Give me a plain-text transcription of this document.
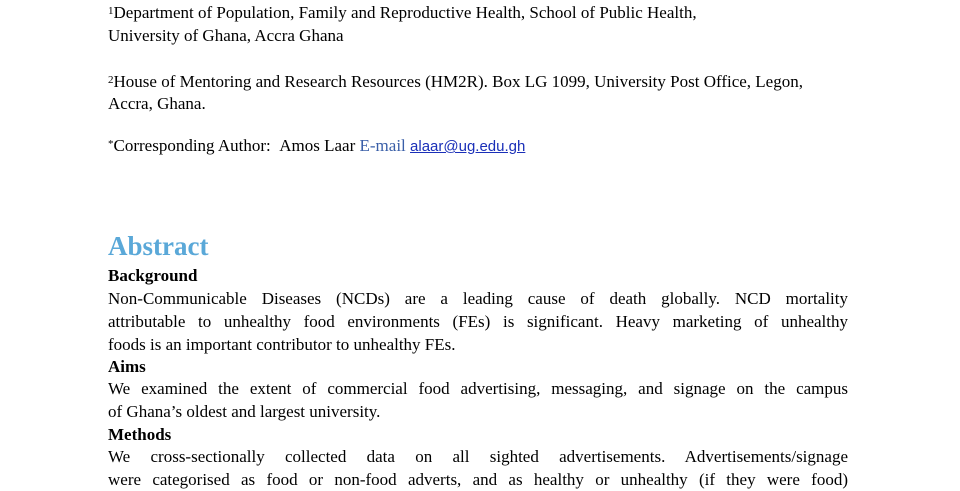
$^1$Department of Population, Family and Reproductive Health, School of Public Health,
University of Ghana, Accra Ghana
$^2$House of Mentoring and Research Resources (HM2R). Box LG 1099, University Post Office, Legon,
Accra, Ghana.
*Corresponding Author: Amos Laar E-mail alaar@ug.edu.gh
Abstract
Background
Non-Communicable Diseases (NCDs) are a leading cause of death globally. NCD mortality
attributable to unhealthy food environments (FEs) is significant. Heavy marketing of unhealthy
foods is an important contributor to unhealthy FEs.
Aims
We examined the extent of commercial food advertising, messaging, and signage on the campus
of Ghana’s oldest and largest university.
Methods
We cross-sectionally collected data on all sighted advertisements. Advertisements/signage
were categorised as food or non-food adverts, and as healthy or unhealthy (if they were food)
